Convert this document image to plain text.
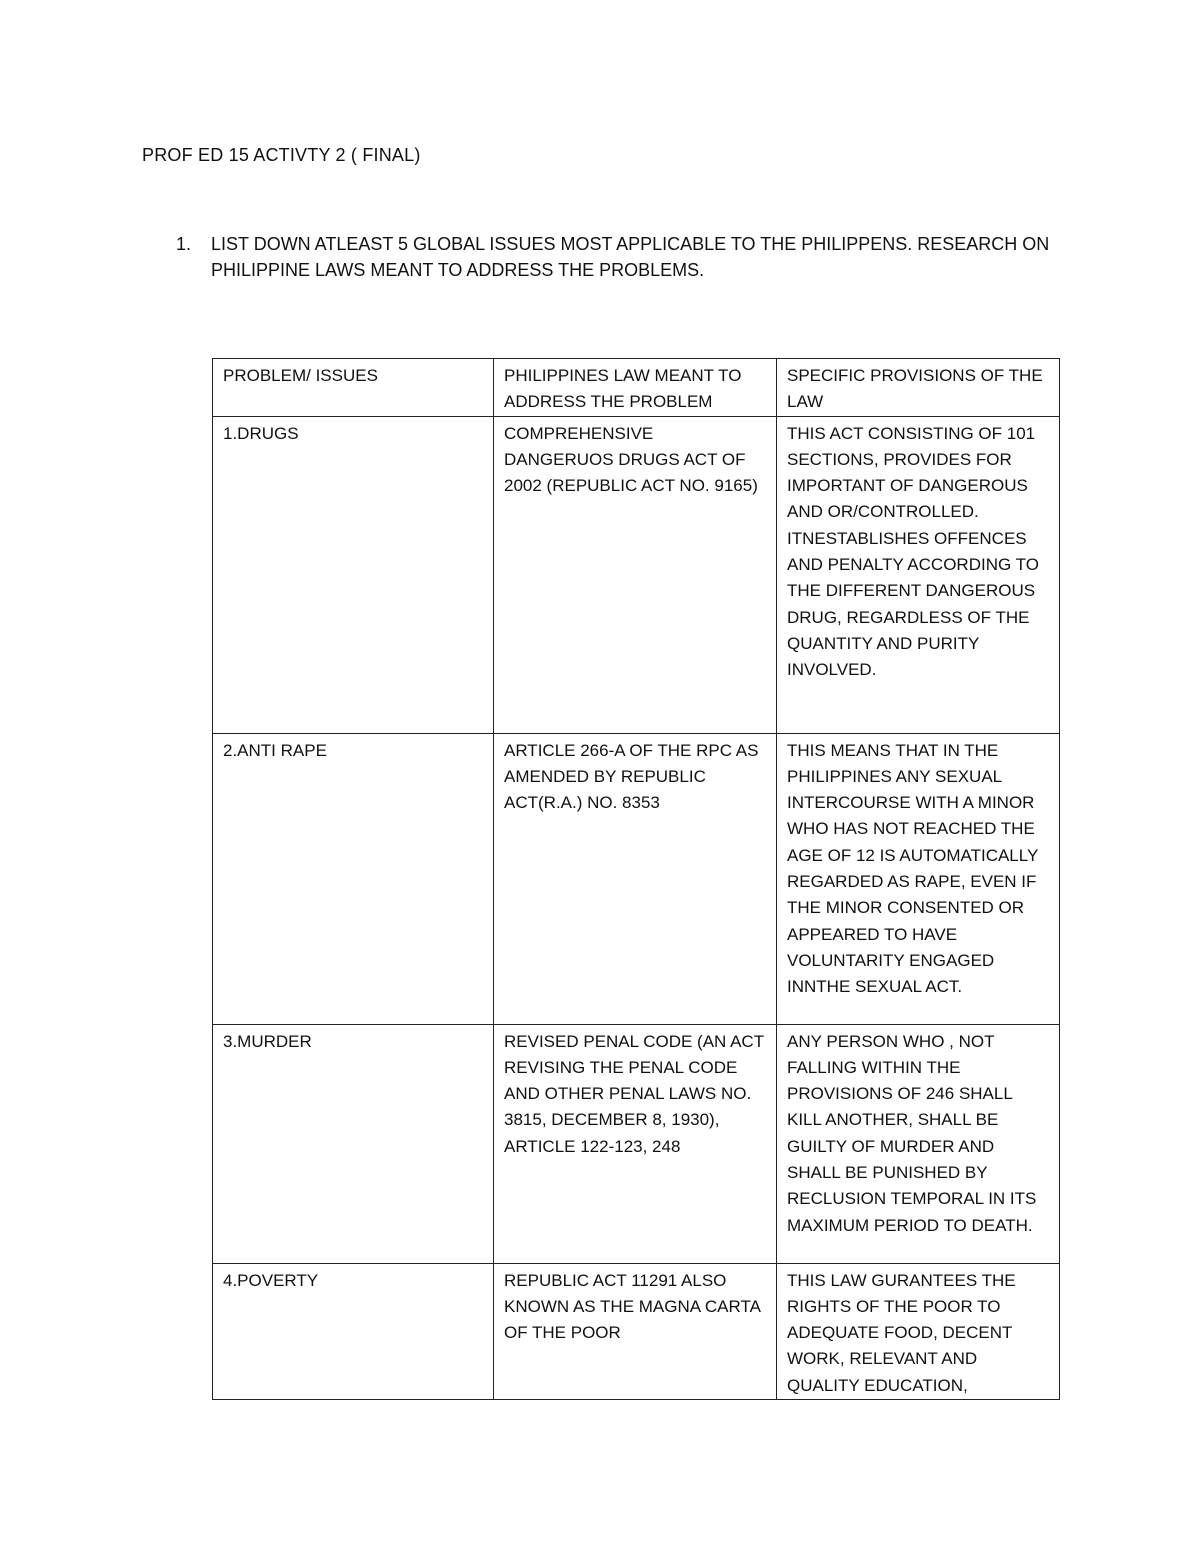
PROF ED 15 ACTIVTY 2 ( FINAL)
1. LIST DOWN ATLEAST 5 GLOBAL ISSUES MOST APPLICABLE TO THE PHILIPPENS. RESEARCH ON PHILIPPINE LAWS MEANT TO ADDRESS THE PROBLEMS.
PROBLEM/ ISSUES	PHILIPPINES LAW MEANT TO ADDRESS THE PROBLEM	SPECIFIC PROVISIONS OF THE LAW
1.DRUGS	COMPREHENSIVE DANGERUOS DRUGS ACT OF 2002 (REPUBLIC ACT NO. 9165)	THIS ACT CONSISTING OF 101 SECTIONS, PROVIDES FOR IMPORTANT OF DANGEROUS AND OR/CONTROLLED. ITNESTABLISHES OFFENCES AND PENALTY ACCORDING TO THE DIFFERENT DANGEROUS DRUG, REGARDLESS OF THE QUANTITY AND PURITY INVOLVED.
2.ANTI RAPE	ARTICLE 266-A OF THE RPC AS AMENDED BY REPUBLIC ACT(R.A.) NO. 8353	THIS MEANS THAT IN THE PHILIPPINES ANY SEXUAL INTERCOURSE WITH A MINOR WHO HAS NOT REACHED THE AGE OF 12 IS AUTOMATICALLY REGARDED AS RAPE, EVEN IF THE MINOR CONSENTED OR APPEARED TO HAVE VOLUNTARITY ENGAGED INNTHE SEXUAL ACT.
3.MURDER	REVISED PENAL CODE (AN ACT REVISING THE PENAL CODE AND OTHER PENAL LAWS NO. 3815, DECEMBER 8, 1930), ARTICLE 122-123, 248	ANY PERSON WHO , NOT FALLING WITHIN THE PROVISIONS OF 246 SHALL KILL ANOTHER, SHALL BE GUILTY OF MURDER AND SHALL BE PUNISHED BY RECLUSION TEMPORAL IN ITS MAXIMUM PERIOD TO DEATH.
4.POVERTY	REPUBLIC ACT 11291 ALSO KNOWN AS THE MAGNA CARTA OF THE POOR	THIS LAW GURANTEES THE RIGHTS OF THE POOR TO ADEQUATE FOOD, DECENT WORK, RELEVANT AND QUALITY EDUCATION,
